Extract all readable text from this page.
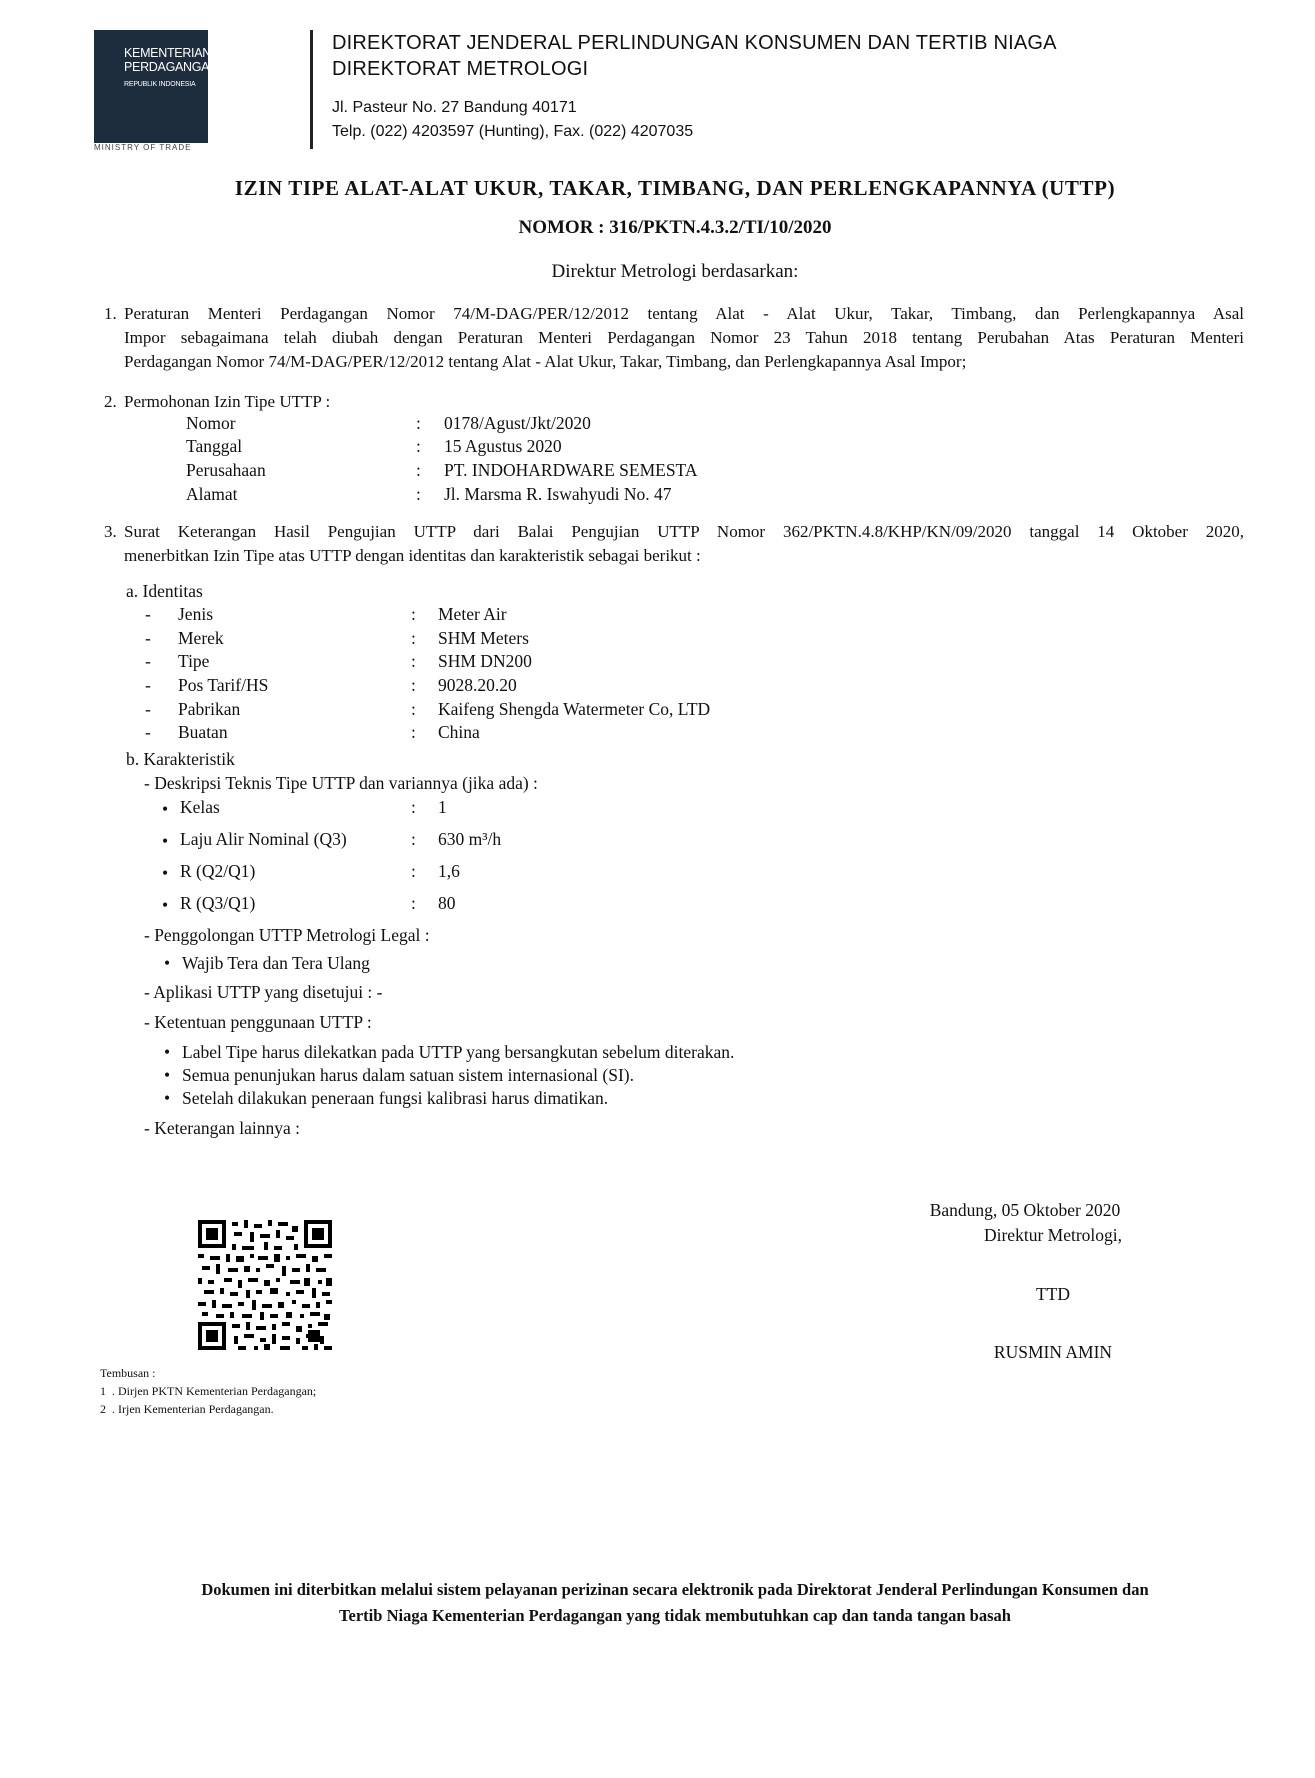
KEMENTERIAN
PERDAGANGAN
REPUBLIK INDONESIA
MINISTRY OF TRADE
DIREKTORAT JENDERAL PERLINDUNGAN KONSUMEN DAN TERTIB NIAGA
DIREKTORAT METROLOGI
Jl. Pasteur No. 27 Bandung 40171
Telp. (022) 4203597 (Hunting), Fax. (022) 4207035
IZIN TIPE ALAT-ALAT UKUR, TAKAR, TIMBANG, DAN PERLENGKAPANNYA (UTTP)
NOMOR : 316/PKTN.4.3.2/TI/10/2020
Direktur Metrologi berdasarkan:
1. Peraturan Menteri Perdagangan Nomor 74/M-DAG/PER/12/2012 tentang Alat - Alat Ukur, Takar, Timbang, dan Perlengkapannya Asal
Impor sebagaimana telah diubah dengan Peraturan Menteri Perdagangan Nomor 23 Tahun 2018 tentang Perubahan Atas Peraturan Menteri
Perdagangan Nomor 74/M-DAG/PER/12/2012 tentang Alat - Alat Ukur, Takar, Timbang, dan Perlengkapannya Asal Impor;
2. Permohonan Izin Tipe UTTP :
Nomor	: 0178/Agust/Jkt/2020
Tanggal	: 15 Agustus 2020
Perusahaan	: PT. INDOHARDWARE SEMESTA
Alamat	: Jl. Marsma R. Iswahyudi No. 47
3. Surat Keterangan Hasil Pengujian UTTP dari Balai Pengujian UTTP Nomor 362/PKTN.4.8/KHP/KN/09/2020 tanggal 14 Oktober 2020,
menerbitkan Izin Tipe atas UTTP dengan identitas dan karakteristik sebagai berikut :
a. Identitas
- Jenis	: Meter Air
- Merek	: SHM Meters
- Tipe	: SHM DN200
- Pos Tarif/HS	: 9028.20.20
- Pabrikan	: Kaifeng Shengda Watermeter Co, LTD
- Buatan	: China
b. Karakteristik
- Deskripsi Teknis Tipe UTTP dan variannya (jika ada) :
• Kelas	: 1
• Laju Alir Nominal (Q3)	: 630 m³/h
• R (Q2/Q1)	: 1,6
• R (Q3/Q1)	: 80
- Penggolongan UTTP Metrologi Legal :
• Wajib Tera dan Tera Ulang
- Aplikasi UTTP yang disetujui : -
- Ketentuan penggunaan UTTP :
• Label Tipe harus dilekatkan pada UTTP yang bersangkutan sebelum diterakan.
• Semua penunjukan harus dalam satuan sistem internasional (SI).
• Setelah dilakukan peneraan fungsi kalibrasi harus dimatikan.
- Keterangan lainnya :
Bandung, 05 Oktober 2020
Direktur Metrologi,
TTD
RUSMIN AMIN
Tembusan :
1  . Dirjen PKTN Kementerian Perdagangan;
2  . Irjen Kementerian Perdagangan.
Dokumen ini diterbitkan melalui sistem pelayanan perizinan secara elektronik pada Direktorat Jenderal Perlindungan Konsumen dan
Tertib Niaga Kementerian Perdagangan yang tidak membutuhkan cap dan tanda tangan basah
